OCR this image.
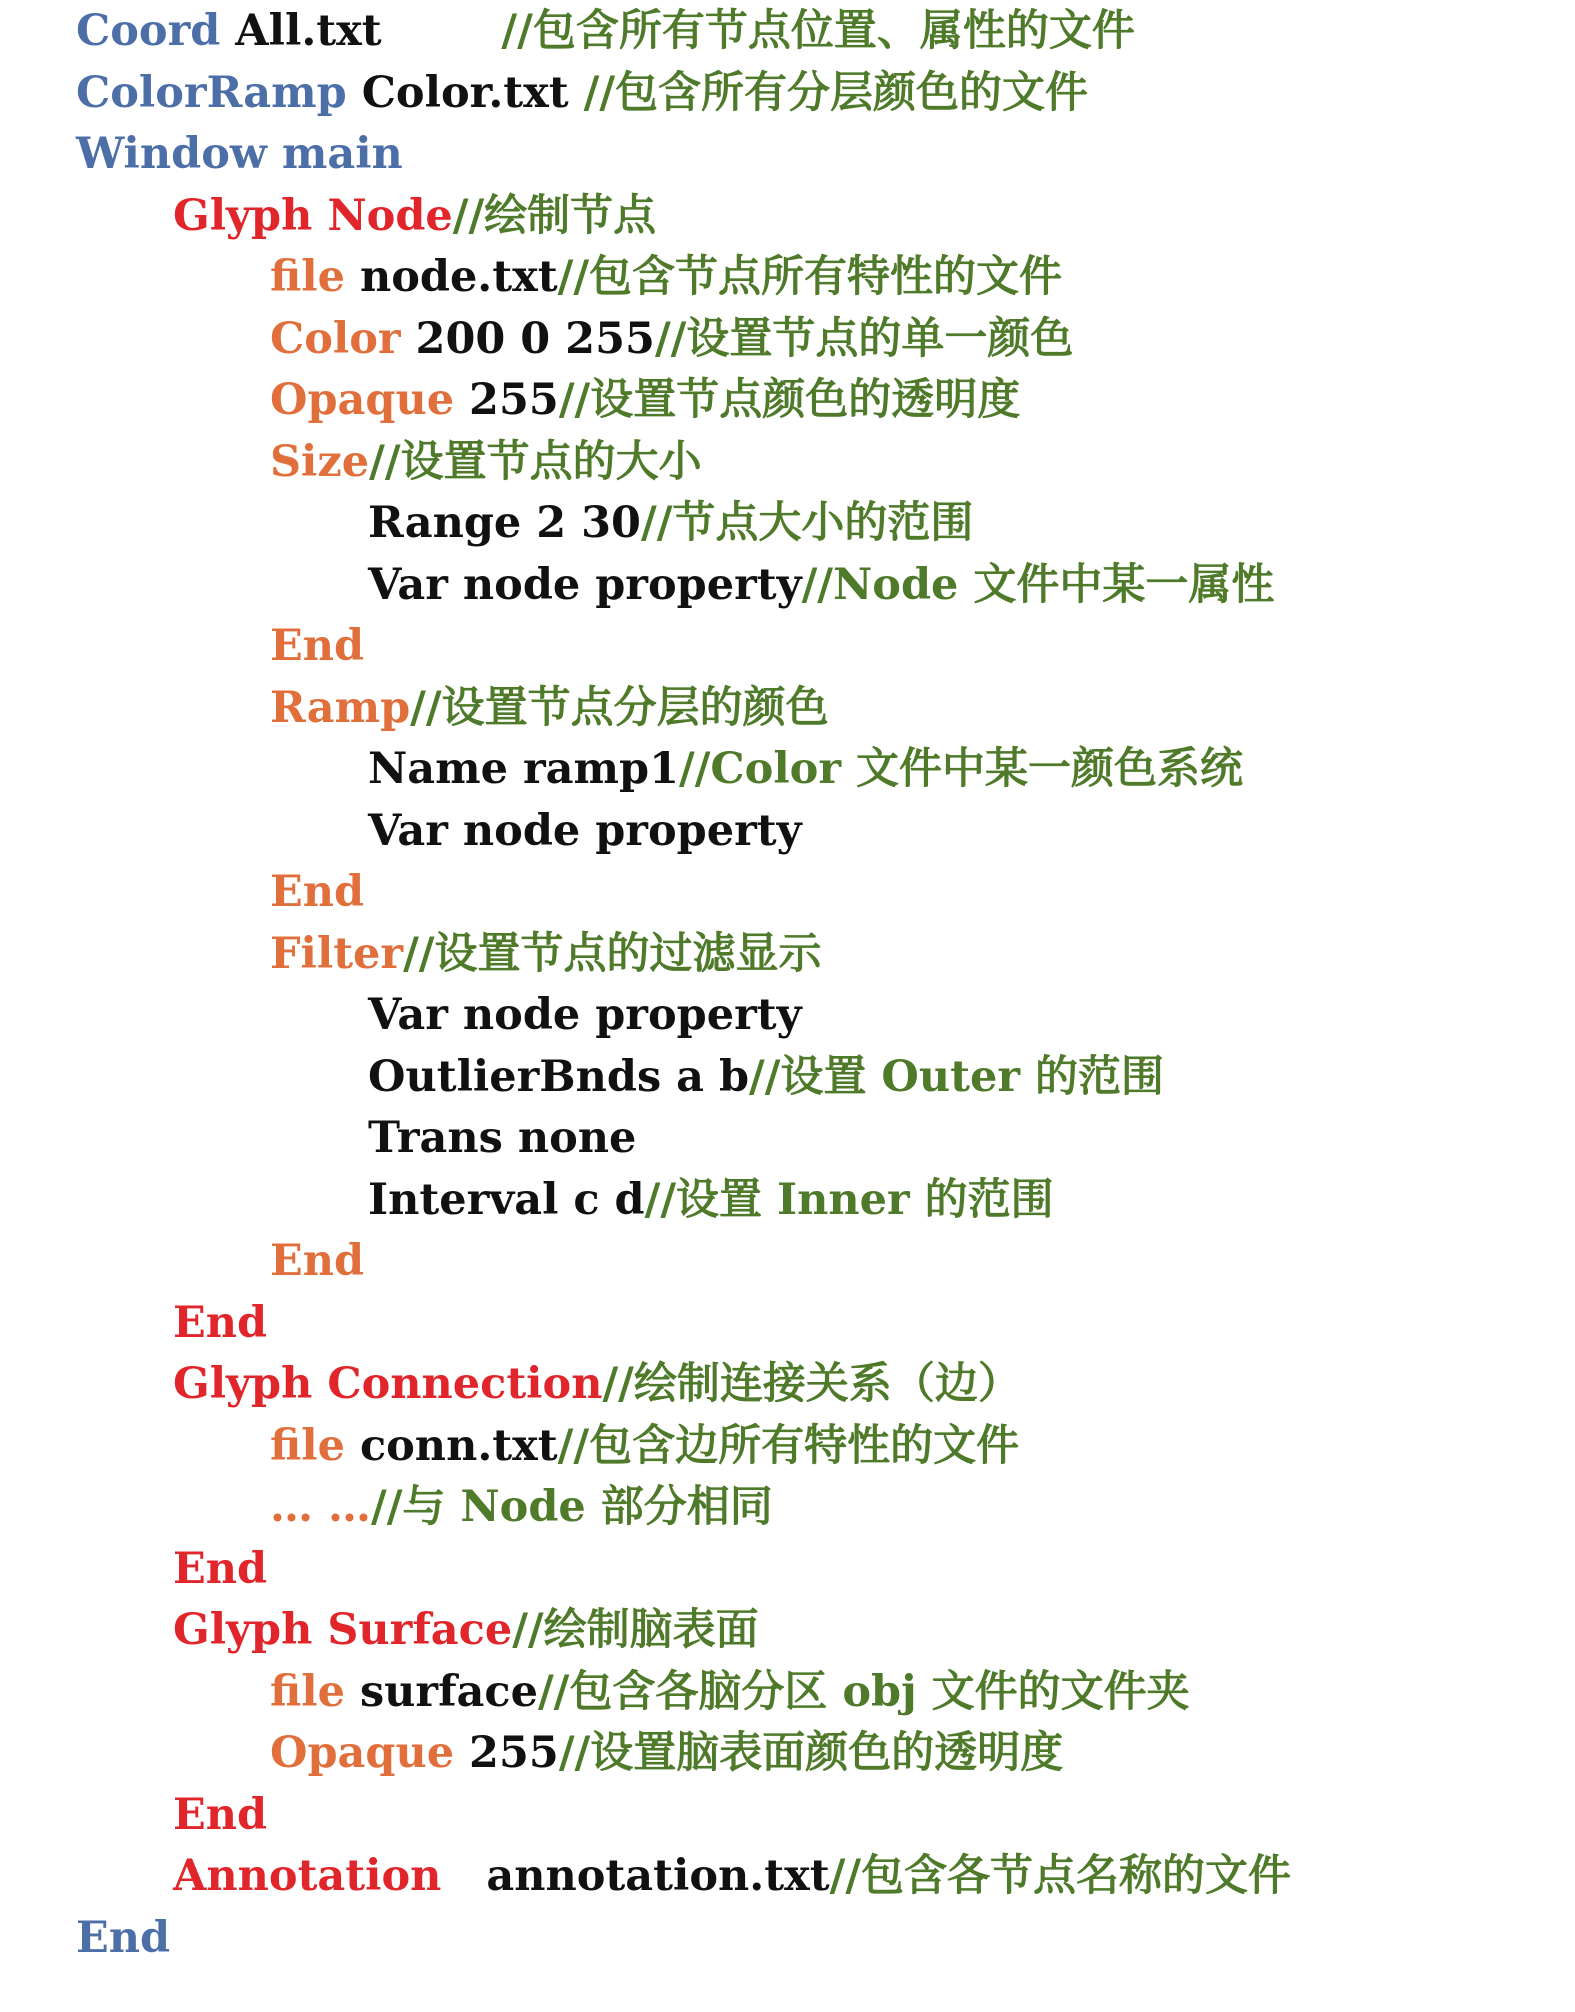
Coord All.txt        //包含所有节点位置、属性的文件
ColorRamp Color.txt //包含所有分层颜色的文件
Window main
Glyph Node//绘制节点
file node.txt//包含节点所有特性的文件
Color 200 0 255//设置节点的单一颜色
Opaque 255//设置节点颜色的透明度
Size//设置节点的大小
Range 2 30//节点大小的范围
Var node property//Node 文件中某一属性
End
Ramp//设置节点分层的颜色
Name ramp1//Color 文件中某一颜色系统
Var node property
End
Filter//设置节点的过滤显示
Var node property
OutlierBnds a b//设置 Outer 的范围
Trans none
Interval c d//设置 Inner 的范围
End
End
Glyph Connection//绘制连接关系（边）
file conn.txt//包含边所有特性的文件
… …//与 Node 部分相同
End
Glyph Surface//绘制脑表面
file surface//包含各脑分区 obj 文件的文件夹
Opaque 255//设置脑表面颜色的透明度
End
Annotation   annotation.txt//包含各节点名称的文件
End
